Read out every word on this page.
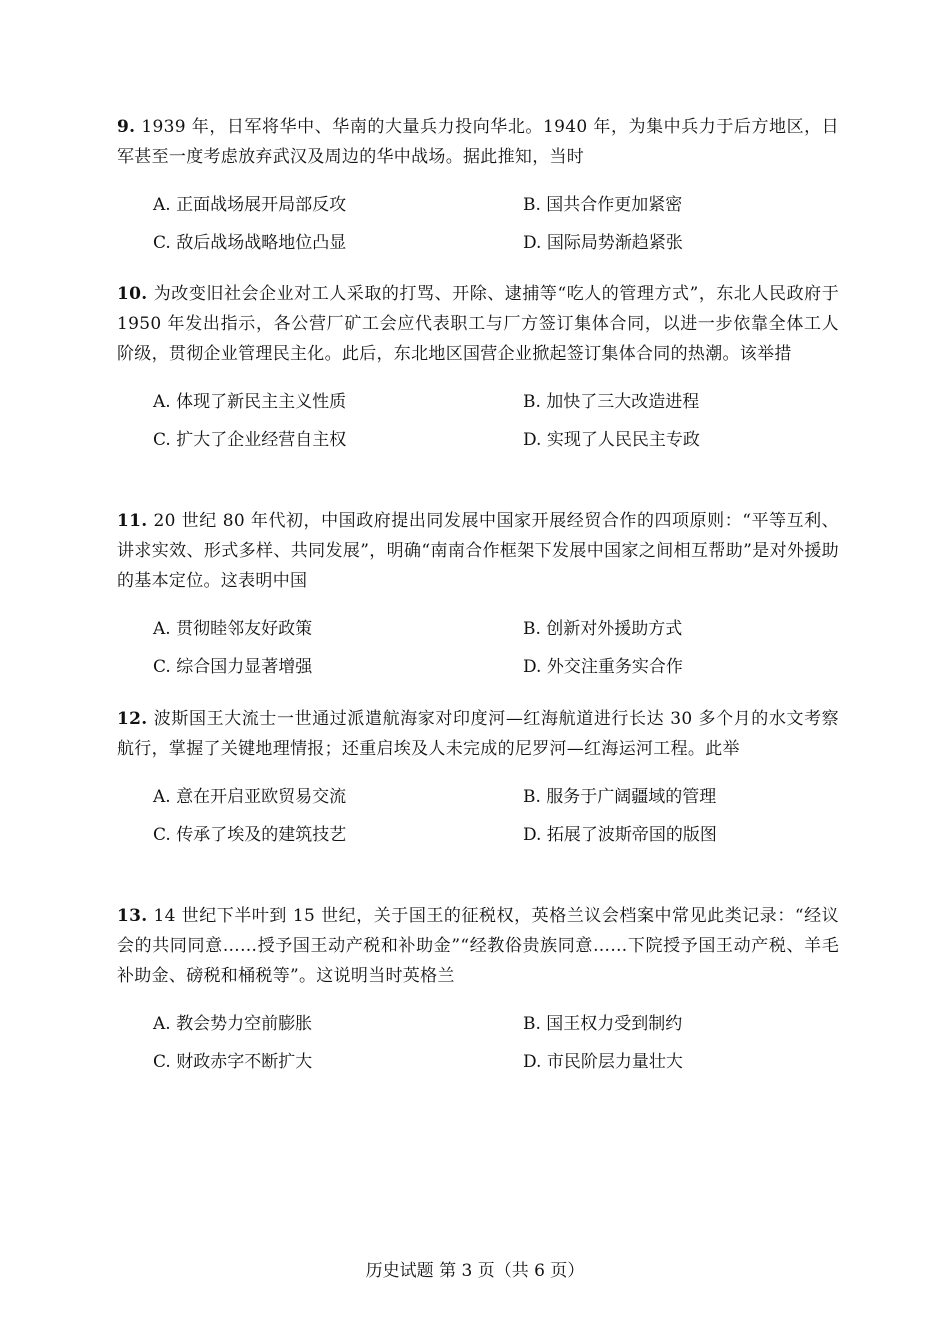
9. 1939 年，日军将华中、华南的大量兵力投向华北。1940 年，为集中兵力于后方地区，日军甚至一度考虑放弃武汉及周边的华中战场。据此推知，当时

A. 正面战场展开局部反攻	B. 国共合作更加紧密
C. 敌后战场战略地位凸显	D. 国际局势渐趋紧张

10. 为改变旧社会企业对工人采取的打骂、开除、逮捕等“吃人的管理方式”，东北人民政府于 1950 年发出指示，各公营厂矿工会应代表职工与厂方签订集体合同，以进一步依靠全体工人阶级，贯彻企业管理民主化。此后，东北地区国营企业掀起签订集体合同的热潮。该举措

A. 体现了新民主主义性质	B. 加快了三大改造进程
C. 扩大了企业经营自主权	D. 实现了人民民主专政

11. 20 世纪 80 年代初，中国政府提出同发展中国家开展经贸合作的四项原则：“平等互利、讲求实效、形式多样、共同发展”，明确“南南合作框架下发展中国家之间相互帮助”是对外援助的基本定位。这表明中国

A. 贯彻睦邻友好政策	B. 创新对外援助方式
C. 综合国力显著增强	D. 外交注重务实合作

12. 波斯国王大流士一世通过派遣航海家对印度河—红海航道进行长达 30 多个月的水文考察航行，掌握了关键地理情报；还重启埃及人未完成的尼罗河—红海运河工程。此举

A. 意在开启亚欧贸易交流	B. 服务于广阔疆域的管理
C. 传承了埃及的建筑技艺	D. 拓展了波斯帝国的版图

13. 14 世纪下半叶到 15 世纪，关于国王的征税权，英格兰议会档案中常见此类记录：“经议会的共同同意……授予国王动产税和补助金”“经教俗贵族同意……下院授予国王动产税、羊毛补助金、磅税和桶税等”。这说明当时英格兰

A. 教会势力空前膨胀	B. 国王权力受到制约
C. 财政赤字不断扩大	D. 市民阶层力量壮大
历史试题 第 3 页（共 6 页）
